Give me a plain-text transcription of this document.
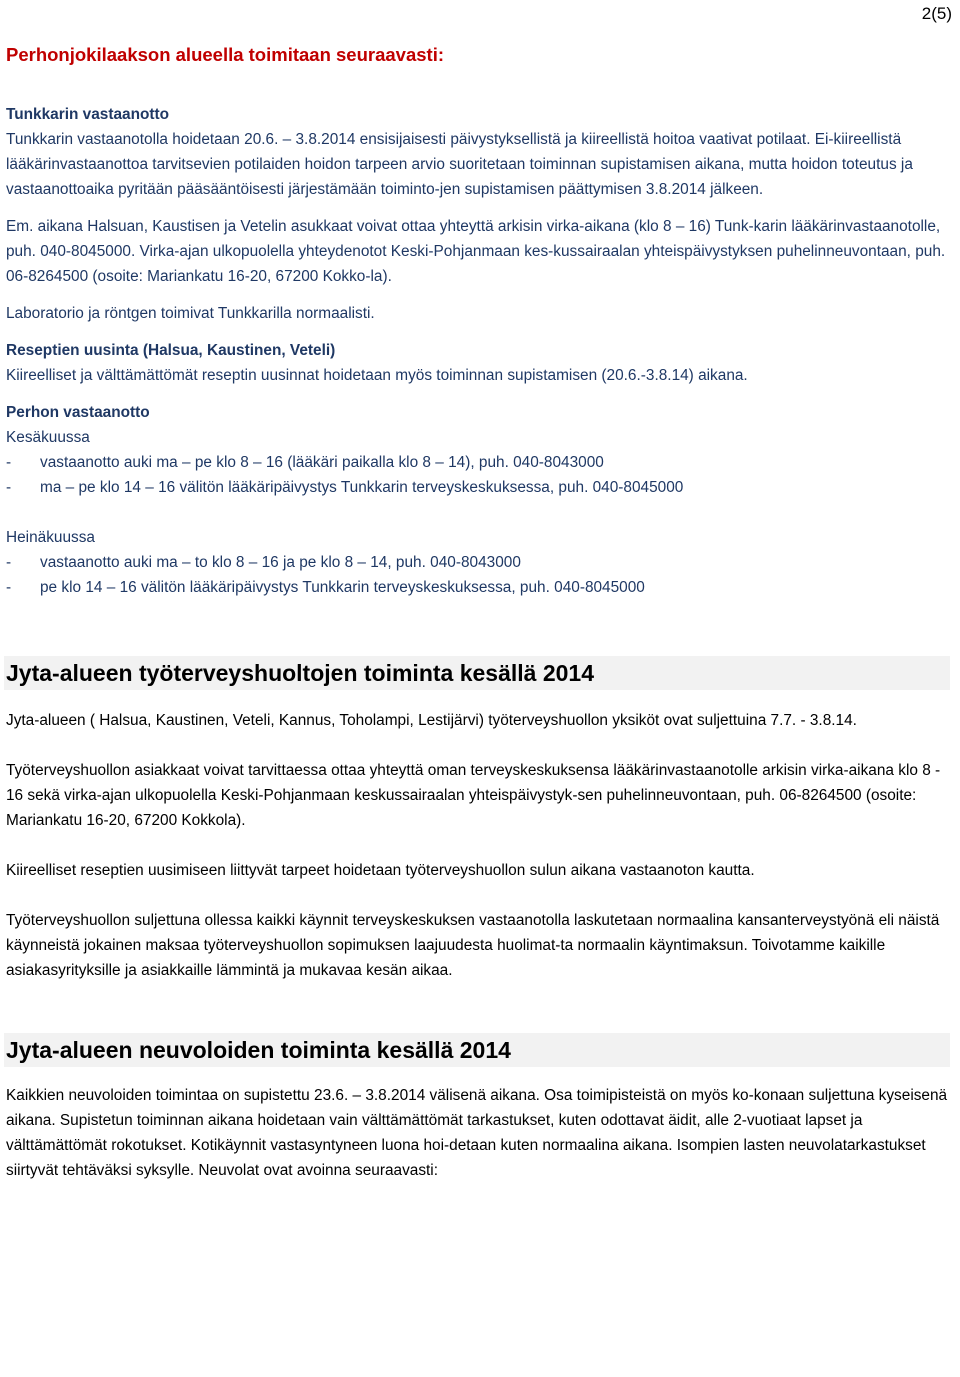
2(5)
Perhonjokilaakson alueella toimitaan seuraavasti:
Tunkkarin vastaanotto
Tunkkarin vastaanotolla hoidetaan 20.6. – 3.8.2014 ensisijaisesti päivystyksellistä ja kiireellistä hoitoa vaativat potilaat. Ei-kiireellistä lääkärinvastaanottoa tarvitsevien potilaiden hoidon tarpeen arvio suoritetaan toiminnan supistamisen aikana, mutta hoidon toteutus ja vastaanottoaika pyritään pääsääntöisesti järjestämään toiminto-jen supistamisen päättymisen 3.8.2014 jälkeen.
Em. aikana Halsuan, Kaustisen ja Vetelin asukkaat voivat ottaa yhteyttä arkisin virka-aikana (klo 8 – 16) Tunk-karin lääkärinvastaanotolle, puh. 040-8045000. Virka-ajan ulkopuolella yhteydenotot Keski-Pohjanmaan kes-kussairaalan yhteispäivystyksen puhelinneuvontaan, puh. 06-8264500 (osoite: Mariankatu 16-20, 67200 Kokko-la).
Laboratorio ja röntgen toimivat Tunkkarilla normaalisti.
Reseptien uusinta (Halsua, Kaustinen, Veteli)
Kiireelliset ja välttämättömät reseptin uusinnat hoidetaan myös toiminnan supistamisen (20.6.-3.8.14) aikana.
Perhon vastaanotto
Kesäkuussa
-	vastaanotto auki ma – pe klo 8 – 16 (lääkäri paikalla klo 8 – 14), puh. 040-8043000
-	ma – pe klo 14 – 16 välitön lääkäripäivystys Tunkkarin terveyskeskuksessa, puh. 040-8045000
Heinäkuussa
-	vastaanotto auki ma – to klo 8 – 16 ja pe klo 8 – 14, puh. 040-8043000
-	pe klo 14 – 16 välitön lääkäripäivystys Tunkkarin terveyskeskuksessa, puh. 040-8045000
Jyta-alueen työterveyshuoltojen toiminta kesällä 2014
Jyta-alueen ( Halsua, Kaustinen, Veteli, Kannus, Toholampi, Lestijärvi) työterveyshuollon yksiköt ovat suljettuina 7.7. - 3.8.14.
Työterveyshuollon asiakkaat voivat tarvittaessa ottaa yhteyttä oman terveyskeskuksensa lääkärinvastaanotolle arkisin virka-aikana klo 8 - 16 sekä virka-ajan ulkopuolella Keski-Pohjanmaan keskussairaalan yhteispäivystyk-sen puhelinneuvontaan, puh. 06-8264500 (osoite: Mariankatu 16-20, 67200 Kokkola).
Kiireelliset reseptien uusimiseen liittyvät tarpeet hoidetaan työterveyshuollon sulun aikana vastaanoton kautta.
Työterveyshuollon suljettuna ollessa kaikki käynnit terveyskeskuksen vastaanotolla laskutetaan normaalina kansanterveystyönä eli näistä käynneistä jokainen maksaa työterveyshuollon sopimuksen laajuudesta huolimat-ta normaalin käyntimaksun. Toivotamme kaikille asiakasyrityksille ja asiakkaille lämmintä ja mukavaa kesän aikaa.
Jyta-alueen neuvoloiden toiminta kesällä 2014
Kaikkien neuvoloiden toimintaa on supistettu 23.6. – 3.8.2014 välisenä aikana. Osa toimipisteistä on myös ko-konaan suljettuna kyseisenä aikana. Supistetun toiminnan aikana hoidetaan vain välttämättömät tarkastukset, kuten odottavat äidit, alle 2-vuotiaat lapset ja välttämättömät rokotukset. Kotikäynnit vastasyntyneen luona hoi-detaan kuten normaalina aikana. Isompien lasten neuvolatarkastukset siirtyvät tehtäväksi syksylle. Neuvolat ovat avoinna seuraavasti:
